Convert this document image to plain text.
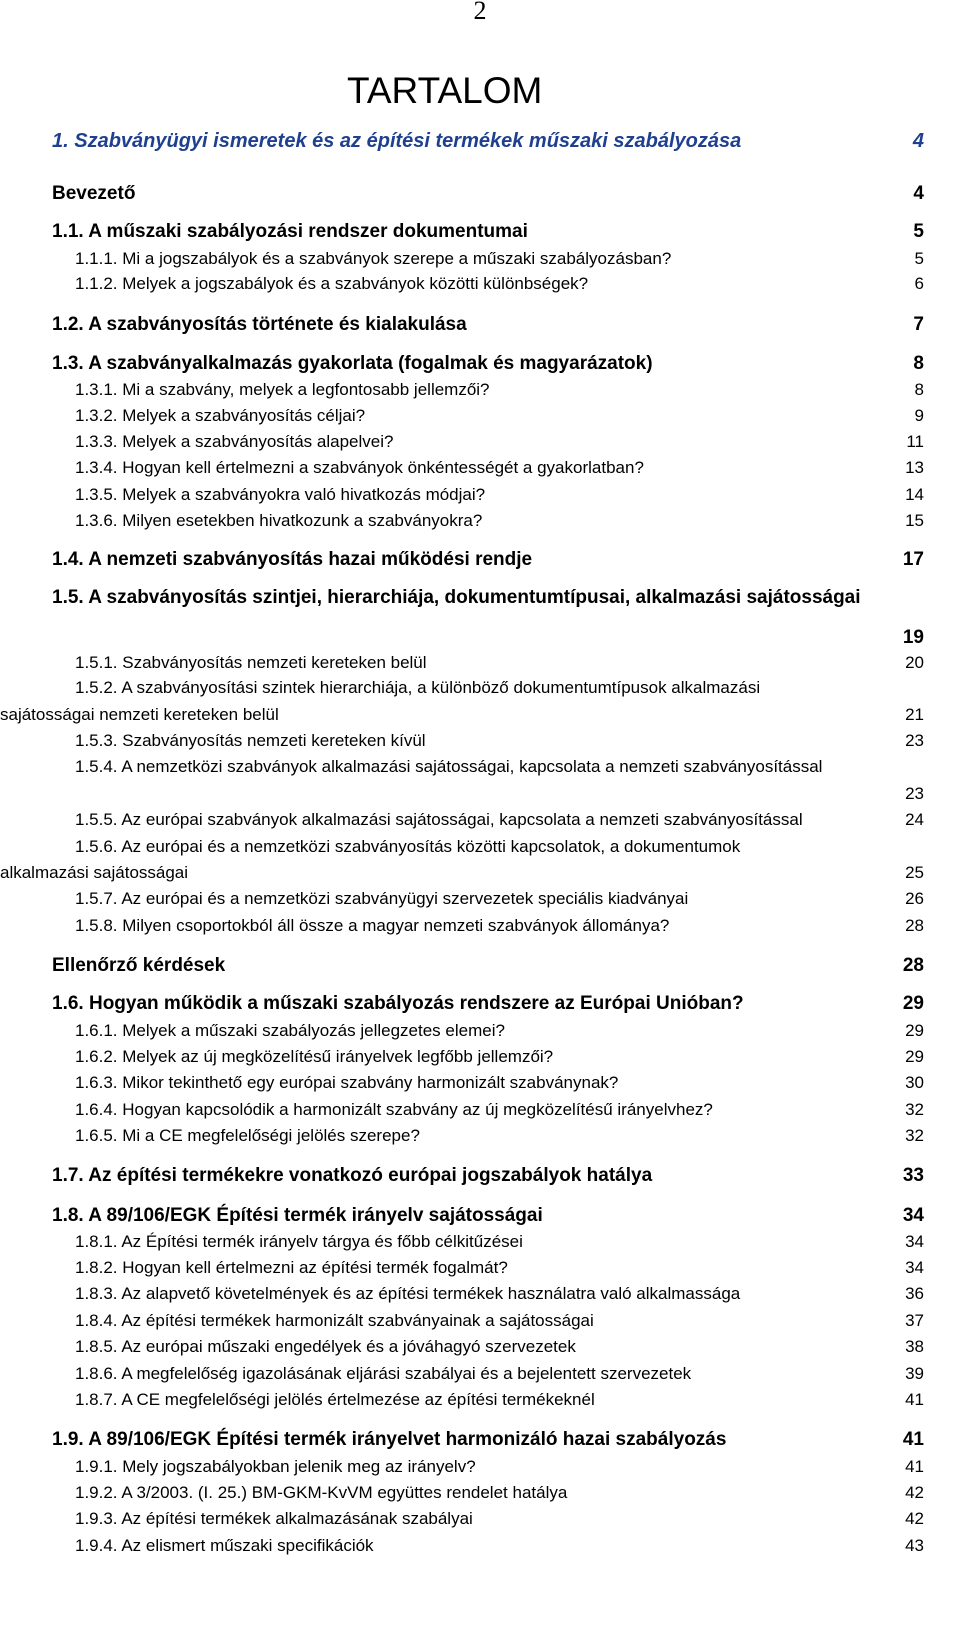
2
TARTALOM
1. Szabványügyi ismeretek és az építési termékek műszaki szabályozása	4
Bevezető	4
1.1. A műszaki szabályozási rendszer dokumentumai	5
1.1.1. Mi a jogszabályok és a szabványok szerepe a műszaki szabályozásban?	5
1.1.2. Melyek a jogszabályok és a szabványok közötti különbségek?	6
1.2. A szabványosítás története és kialakulása	7
1.3. A szabványalkalmazás gyakorlata (fogalmak és magyarázatok)	8
1.3.1. Mi a szabvány, melyek a legfontosabb jellemzői?	8
1.3.2. Melyek a szabványosítás céljai?	9
1.3.3. Melyek a szabványosítás alapelvei?	11
1.3.4. Hogyan kell értelmezni a szabványok önkéntességét a gyakorlatban?	13
1.3.5. Melyek a szabványokra való hivatkozás módjai?	14
1.3.6. Milyen esetekben hivatkozunk a szabványokra?	15
1.4. A nemzeti szabványosítás hazai működési rendje	17
1.5. A szabványosítás szintjei, hierarchiája, dokumentumtípusai, alkalmazási sajátosságai
19
1.5.1. Szabványosítás nemzeti kereteken belül	20
1.5.2. A szabványosítási szintek hierarchiája, a különböző dokumentumtípusok alkalmazási
sajátosságai nemzeti kereteken belül	21
1.5.3. Szabványosítás nemzeti kereteken kívül	23
1.5.4. A nemzetközi szabványok alkalmazási sajátosságai, kapcsolata a nemzeti szabványosítással
23
1.5.5. Az európai szabványok alkalmazási sajátosságai, kapcsolata a nemzeti szabványosítással	24
1.5.6. Az európai és a nemzetközi szabványosítás közötti kapcsolatok, a dokumentumok
alkalmazási sajátosságai	25
1.5.7. Az európai és a nemzetközi szabványügyi szervezetek speciális kiadványai	26
1.5.8. Milyen csoportokból áll össze a magyar nemzeti szabványok állománya?	28
Ellenőrző kérdések	28
1.6. Hogyan működik a műszaki szabályozás rendszere az Európai Unióban?	29
1.6.1. Melyek a műszaki szabályozás jellegzetes elemei?	29
1.6.2. Melyek az új megközelítésű irányelvek legfőbb jellemzői?	29
1.6.3. Mikor tekinthető egy európai szabvány harmonizált szabványnak?	30
1.6.4. Hogyan kapcsolódik a harmonizált szabvány az új megközelítésű irányelvhez?	32
1.6.5. Mi a CE megfelelőségi jelölés szerepe?	32
1.7. Az építési termékekre vonatkozó európai jogszabályok hatálya	33
1.8. A 89/106/EGK Építési termék irányelv sajátosságai	34
1.8.1. Az Építési termék irányelv tárgya és főbb célkitűzései	34
1.8.2. Hogyan kell értelmezni az építési termék fogalmát?	34
1.8.3. Az alapvető követelmények és az építési termékek használatra való alkalmassága	36
1.8.4. Az építési termékek harmonizált szabványainak a sajátosságai	37
1.8.5. Az európai műszaki engedélyek és a jóváhagyó szervezetek	38
1.8.6. A megfelelőség igazolásának eljárási szabályai és a bejelentett szervezetek	39
1.8.7. A CE megfelelőségi jelölés értelmezése az építési termékeknél	41
1.9. A 89/106/EGK Építési termék irányelvet harmonizáló hazai szabályozás	41
1.9.1. Mely jogszabályokban jelenik meg az irányelv?	41
1.9.2. A 3/2003. (I. 25.) BM-GKM-KvVM együttes rendelet hatálya	42
1.9.3. Az építési termékek alkalmazásának szabályai	42
1.9.4. Az elismert műszaki specifikációk	43
